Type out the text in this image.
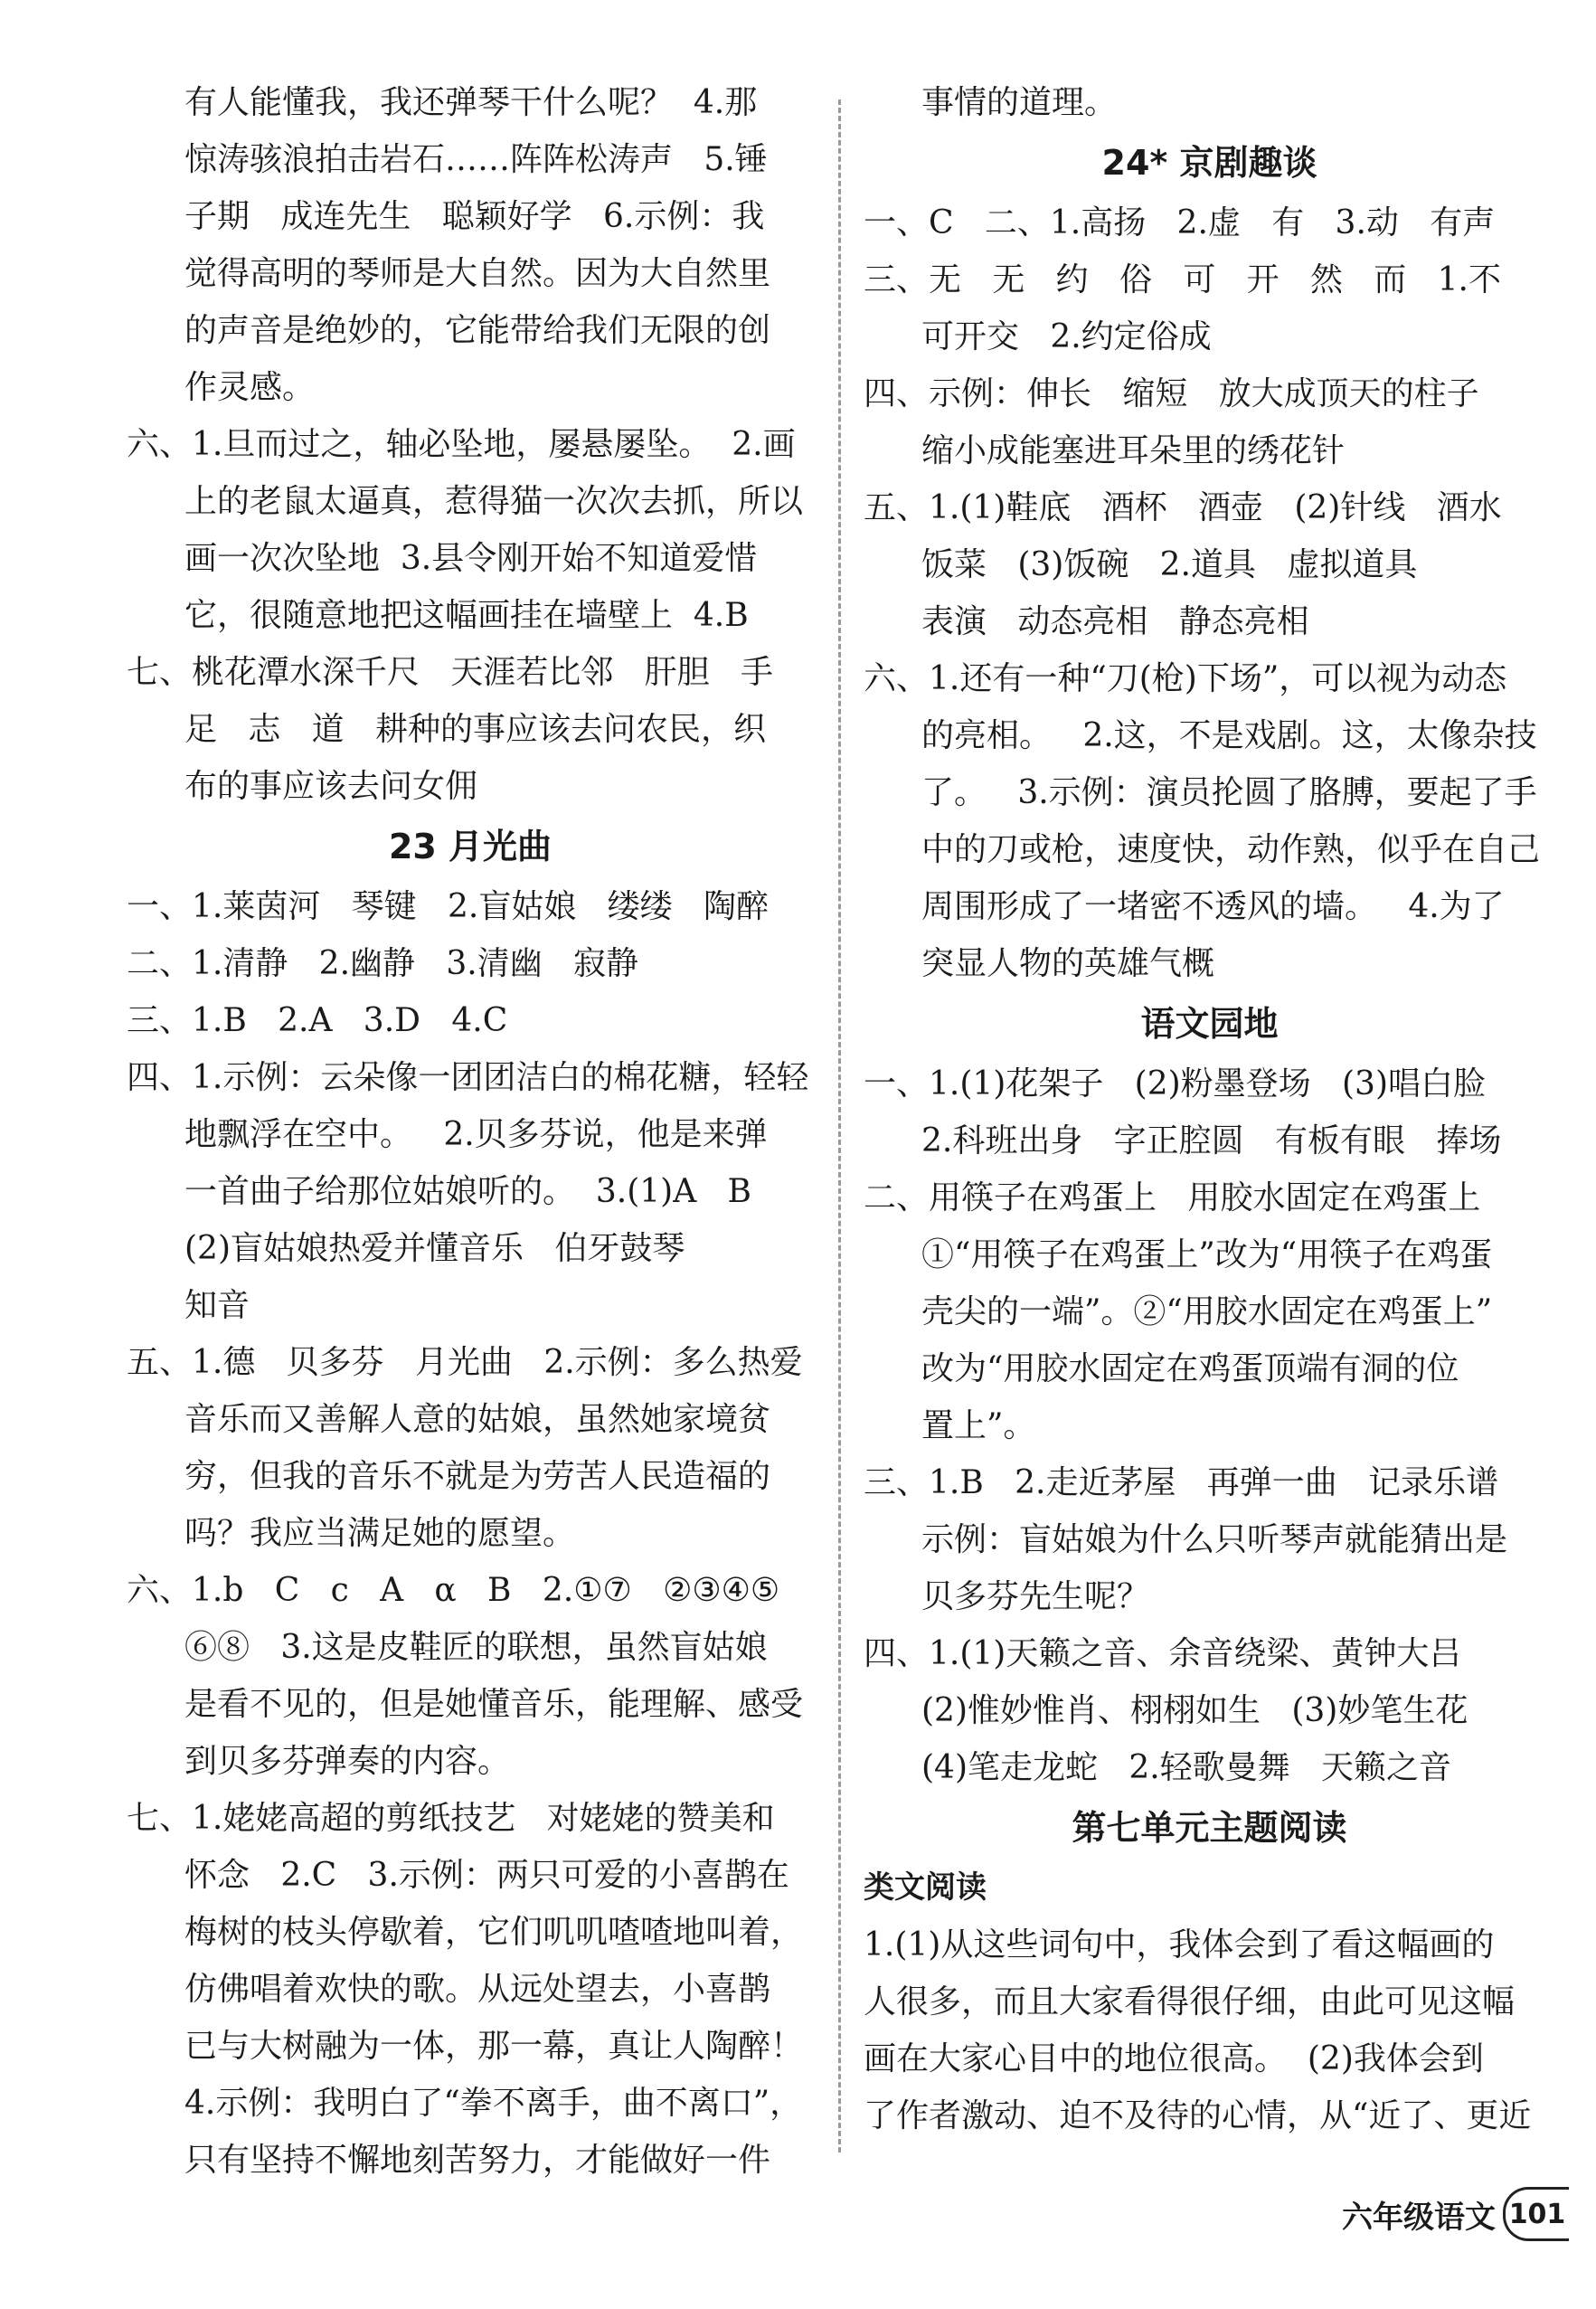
有人能懂我，我还弹琴干什么呢？  4.那
惊涛骇浪拍击岩石……阵阵松涛声   5.锤
子期   成连先生   聪颖好学   6.示例：我
觉得高明的琴师是大自然。因为大自然里
的声音是绝妙的，它能带给我们无限的创
作灵感。
六、1.旦而过之，轴必坠地，屡悬屡坠。  2.画
上的老鼠太逼真，惹得猫一次次去抓，所以
画一次次坠地  3.县令刚开始不知道爱惜
它，很随意地把这幅画挂在墙壁上  4.B
七、桃花潭水深千尺   天涯若比邻   肝胆   手
足   志   道   耕种的事应该去问农民，织
布的事应该去问女佣
23 月光曲
一、1.莱茵河   琴键   2.盲姑娘   缕缕   陶醉
二、1.清静   2.幽静   3.清幽   寂静
三、1.B   2.A   3.D   4.C
四、1.示例：云朵像一团团洁白的棉花糖，轻轻
地飘浮在空中。   2.贝多芬说，他是来弹
一首曲子给那位姑娘听的。  3.(1)A   B
(2)盲姑娘热爱并懂音乐   伯牙鼓琴
知音
五、1.德   贝多芬   月光曲   2.示例：多么热爱
音乐而又善解人意的姑娘，虽然她家境贫
穷，但我的音乐不就是为劳苦人民造福的
吗？我应当满足她的愿望。
六、1.b   C   c   A   α   B   2.①⑦   ②③④⑤
⑥⑧   3.这是皮鞋匠的联想，虽然盲姑娘
是看不见的，但是她懂音乐，能理解、感受
到贝多芬弹奏的内容。
七、1.姥姥高超的剪纸技艺   对姥姥的赞美和
怀念   2.C   3.示例：两只可爱的小喜鹊在
梅树的枝头停歇着，它们叽叽喳喳地叫着，
仿佛唱着欢快的歌。从远处望去，小喜鹊
已与大树融为一体，那一幕，真让人陶醉！
4.示例：我明白了“拳不离手，曲不离口”，
只有坚持不懈地刻苦努力，才能做好一件
事情的道理。
24* 京剧趣谈
一、C   二、1.高扬   2.虚   有   3.动   有声
三、无   无   约   俗   可   开   然   而   1.不
可开交   2.约定俗成
四、示例：伸长   缩短   放大成顶天的柱子
缩小成能塞进耳朵里的绣花针
五、1.(1)鞋底   酒杯   酒壶   (2)针线   酒水
饭菜   (3)饭碗   2.道具   虚拟道具
表演   动态亮相   静态亮相
六、1.还有一种“刀(枪)下场”，可以视为动态
的亮相。   2.这，不是戏剧。这，太像杂技
了。   3.示例：演员抡圆了胳膊，要起了手
中的刀或枪，速度快，动作熟，似乎在自己
周围形成了一堵密不透风的墙。   4.为了
突显人物的英雄气概
语文园地
一、1.(1)花架子   (2)粉墨登场   (3)唱白脸
2.科班出身   字正腔圆   有板有眼   捧场
二、用筷子在鸡蛋上   用胶水固定在鸡蛋上
①“用筷子在鸡蛋上”改为“用筷子在鸡蛋
壳尖的一端”。②“用胶水固定在鸡蛋上”
改为“用胶水固定在鸡蛋顶端有洞的位
置上”。
三、1.B   2.走近茅屋   再弹一曲   记录乐谱
示例：盲姑娘为什么只听琴声就能猜出是
贝多芬先生呢？
四、1.(1)天籁之音、余音绕梁、黄钟大吕
(2)惟妙惟肖、栩栩如生   (3)妙笔生花
(4)笔走龙蛇   2.轻歌曼舞   天籁之音
第七单元主题阅读
类文阅读
1.(1)从这些词句中，我体会到了看这幅画的
人很多，而且大家看得很仔细，由此可见这幅
画在大家心目中的地位很高。  (2)我体会到
了作者激动、迫不及待的心情，从“近了、更近
六年级语文 101
